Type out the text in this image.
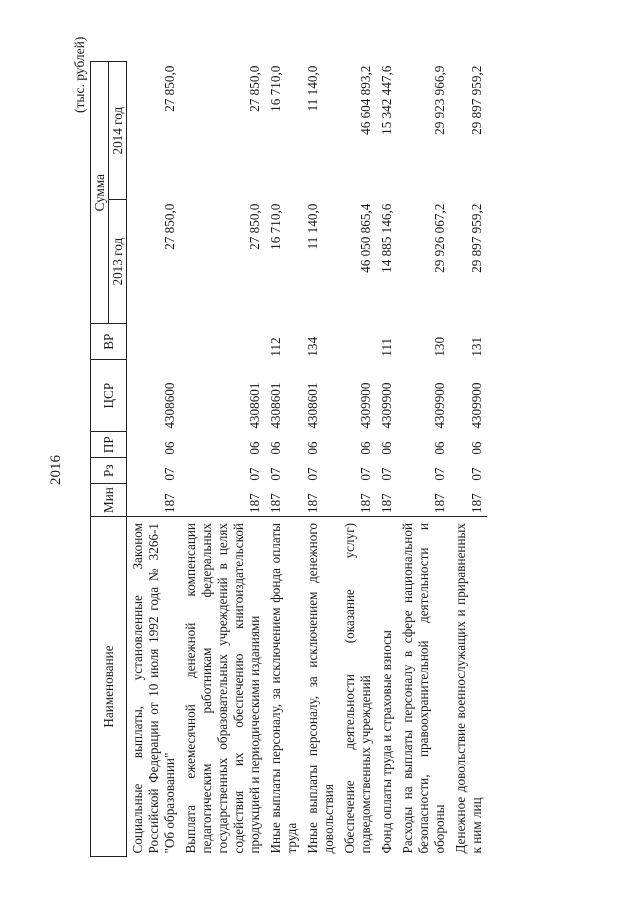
2016
(тыс. рублей)
Наименование	Мин	Рз	ПР	ЦСР	ВР	Сумма	
						2013 год	2014 год
Социальные выплаты, установленные Законом Российской Федерации от 10 июля 1992 года № 3266-1 "Об образовании"	187	07	06	4308600		27 850,0	27 850,0
Выплата ежемесячной денежной компенсации педагогическим работникам федеральных государственных образовательных учреждений в целях содействия их обеспечению книгоиздательской продукцией и периодическими изданиями	187	07	06	4308601		27 850,0	27 850,0
Иные выплаты персоналу, за исключением фонда оплаты труда	187	07	06	4308601	112	16 710,0	16 710,0
Иные выплаты персоналу, за исключением денежного довольствия	187	07	06	4308601	134	11 140,0	11 140,0
Обеспечение деятельности (оказание услуг) подведомственных учреждений	187	07	06	4309900		46 050 865,4	46 604 893,2
Фонд оплаты труда и страховые взносы	187	07	06	4309900	111	14 885 146,6	15 342 447,6
Расходы на выплаты персоналу в сфере национальной безопасности, правоохранительной деятельности и обороны	187	07	06	4309900	130	29 926 067,2	29 923 966,9
Денежное довольствие военнослужащих и приравненных к ним лиц	187	07	06	4309900	131	29 897 959,2	29 897 959,2
